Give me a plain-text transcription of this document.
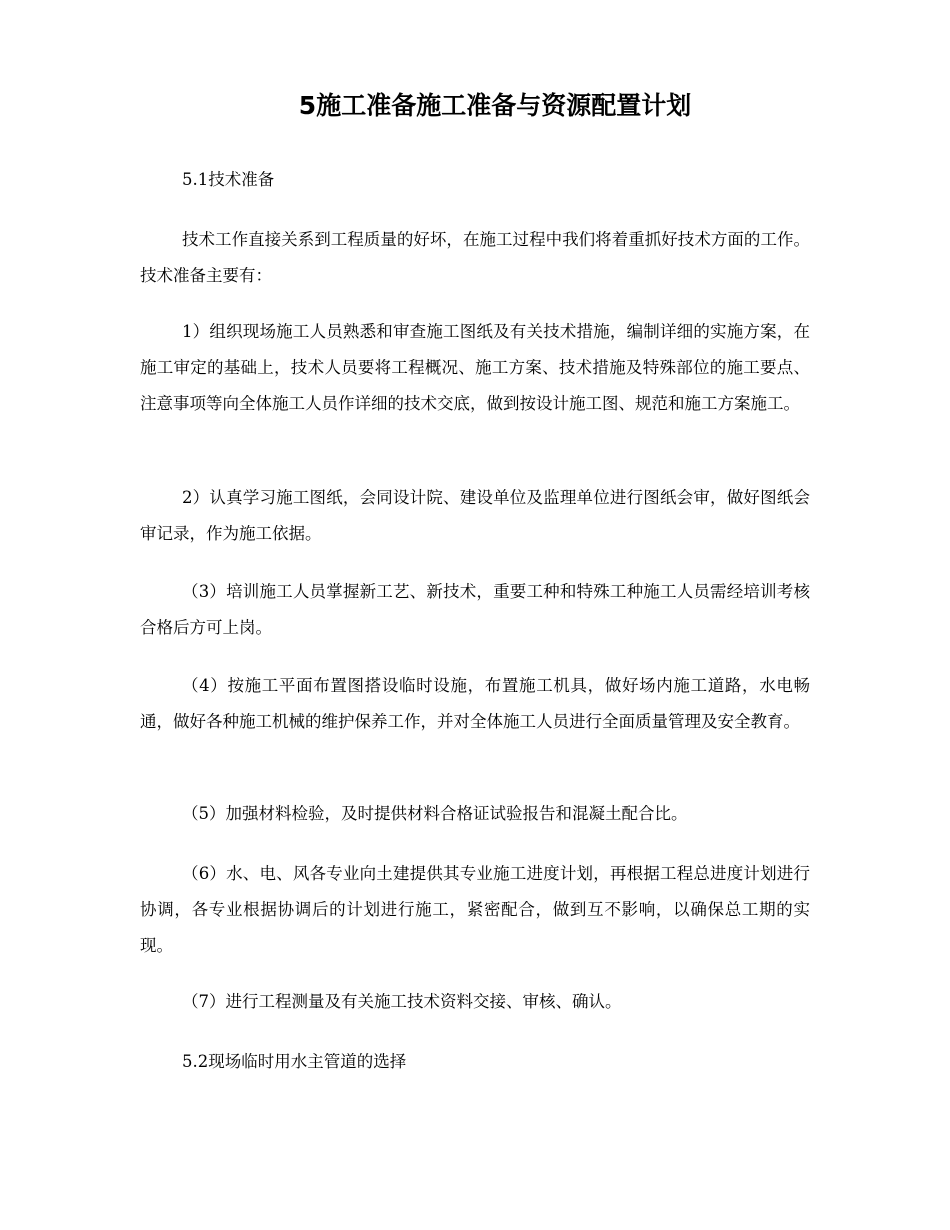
5施工准备施工准备与资源配置计划

5.1技术准备

技术工作直接关系到工程质量的好坏，在施工过程中我们将着重抓好技术方面的工作。技术准备主要有：

1）组织现场施工人员熟悉和审查施工图纸及有关技术措施，编制详细的实施方案，在施工审定的基础上，技术人员要将工程概况、施工方案、技术措施及特殊部位的施工要点、注意事项等向全体施工人员作详细的技术交底，做到按设计施工图、规范和施工方案施工。

2）认真学习施工图纸，会同设计院、建设单位及监理单位进行图纸会审，做好图纸会审记录，作为施工依据。

（3）培训施工人员掌握新工艺、新技术，重要工种和特殊工种施工人员需经培训考核合格后方可上岗。

（4）按施工平面布置图搭设临时设施，布置施工机具，做好场内施工道路，水电畅通，做好各种施工机械的维护保养工作，并对全体施工人员进行全面质量管理及安全教育。

（5）加强材料检验，及时提供材料合格证试验报告和混凝土配合比。

（6）水、电、风各专业向土建提供其专业施工进度计划，再根据工程总进度计划进行协调，各专业根据协调后的计划进行施工，紧密配合，做到互不影响，以确保总工期的实现。

（7）进行工程测量及有关施工技术资料交接、审核、确认。

5.2现场临时用水主管道的选择
